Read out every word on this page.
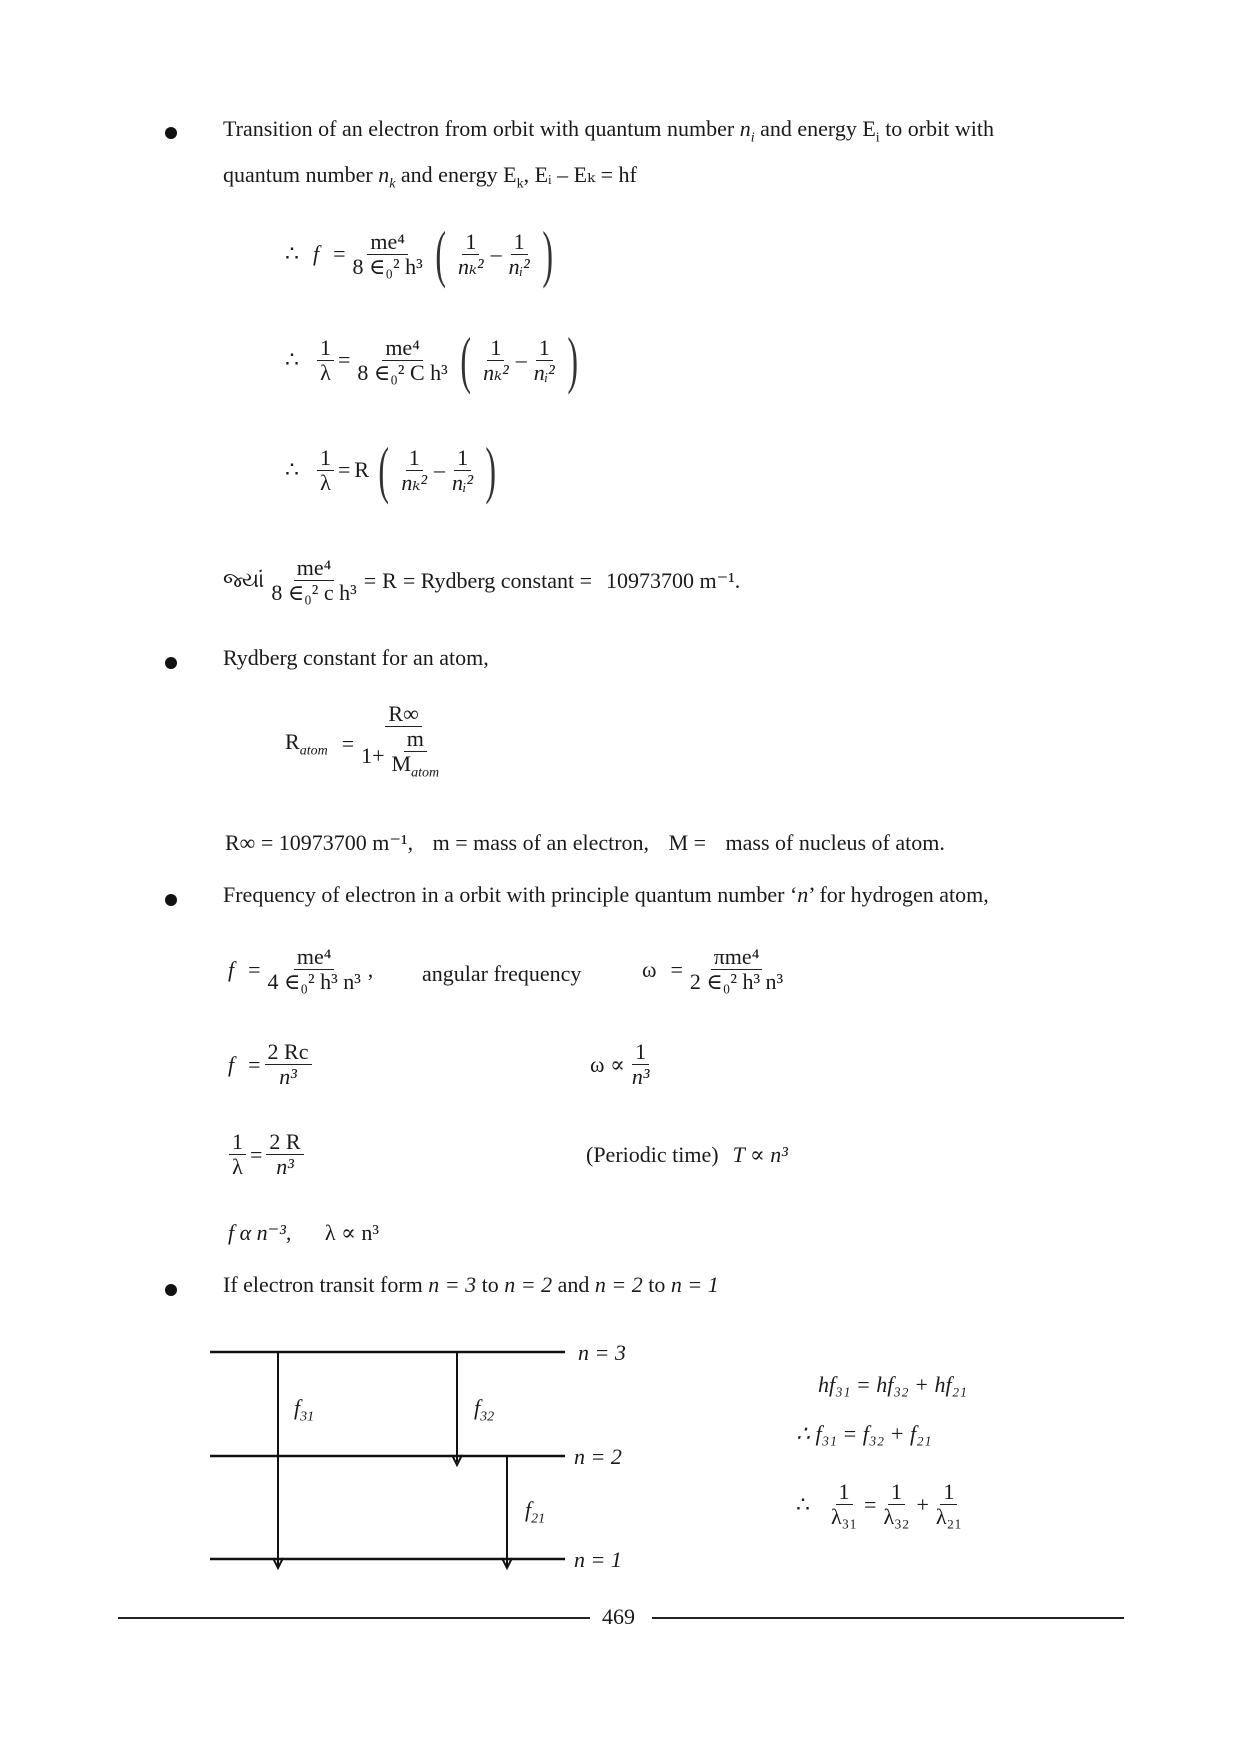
Transition of an electron from orbit with quantum number $n_i$ and energy $E_i$ to orbit with
quantum number $n_k$ and energy $E_k$, Eᵢ – Eₖ = hf
∴ $f = \frac{\text{me⁴}}{\text{8 ∈₀² h³}}$ ( $\frac{1}{\text{nₖ²}} - \frac{1}{\text{nᵢ²}}$ )
∴ $\frac{1}{\lambda} = \frac{\text{me⁴}}{\text{8 ∈₀² C h³}}$ ( $\frac{1}{\text{nₖ²}} - \frac{1}{\text{nᵢ²}}$ )
∴ $\frac{1}{\lambda} = R$ ( $\frac{1}{\text{nₖ²}} - \frac{1}{\text{nᵢ²}}$ )
જ્યાં $\frac{\text{me⁴}}{\text{8 ∈₀² c h³}} = R$ = Rydberg constant = 10973700 m⁻¹.
Rydberg constant for an atom,
$R_{atom} = \frac{R\infty}{1+ \frac{m}{M_{atom}}}$
R∞ = 10973700 m⁻¹, m = mass of an electron, M = mass of nucleus of atom.
Frequency of electron in a orbit with principle quantum number ‘n’ for hydrogen atom,
$f = \frac{\text{me⁴}}{\text{4 ∈₀² h³ n³}}$ , angular frequency	$\omega = \frac{\text{πme⁴}}{\text{2 ∈₀² h³ n³}}$
$f = \frac{2 Rc}{\text{n³}}$	$\omega \propto \frac{1}{\text{n³}}$
$\frac{1}{\lambda} = \frac{2 R}{\text{n³}}$	(Periodic time) T ∝ n³
f α n⁻³, λ ∝ n³
If electron transit form n = 3 to n = 2 and n = 2 to n = 1
n = 3
n = 2
n = 1
$f_{31}$	$f_{32}$
$f_{21}$
hf₃₁ = hf₃₂ + hf₂₁
∴ f₃₁ = f₃₂ + f₂₁
∴ $\frac{1}{\text{λ₃₁}} = \frac{1}{\text{λ₃₂}} + \frac{1}{\text{λ₂₁}}$
469
